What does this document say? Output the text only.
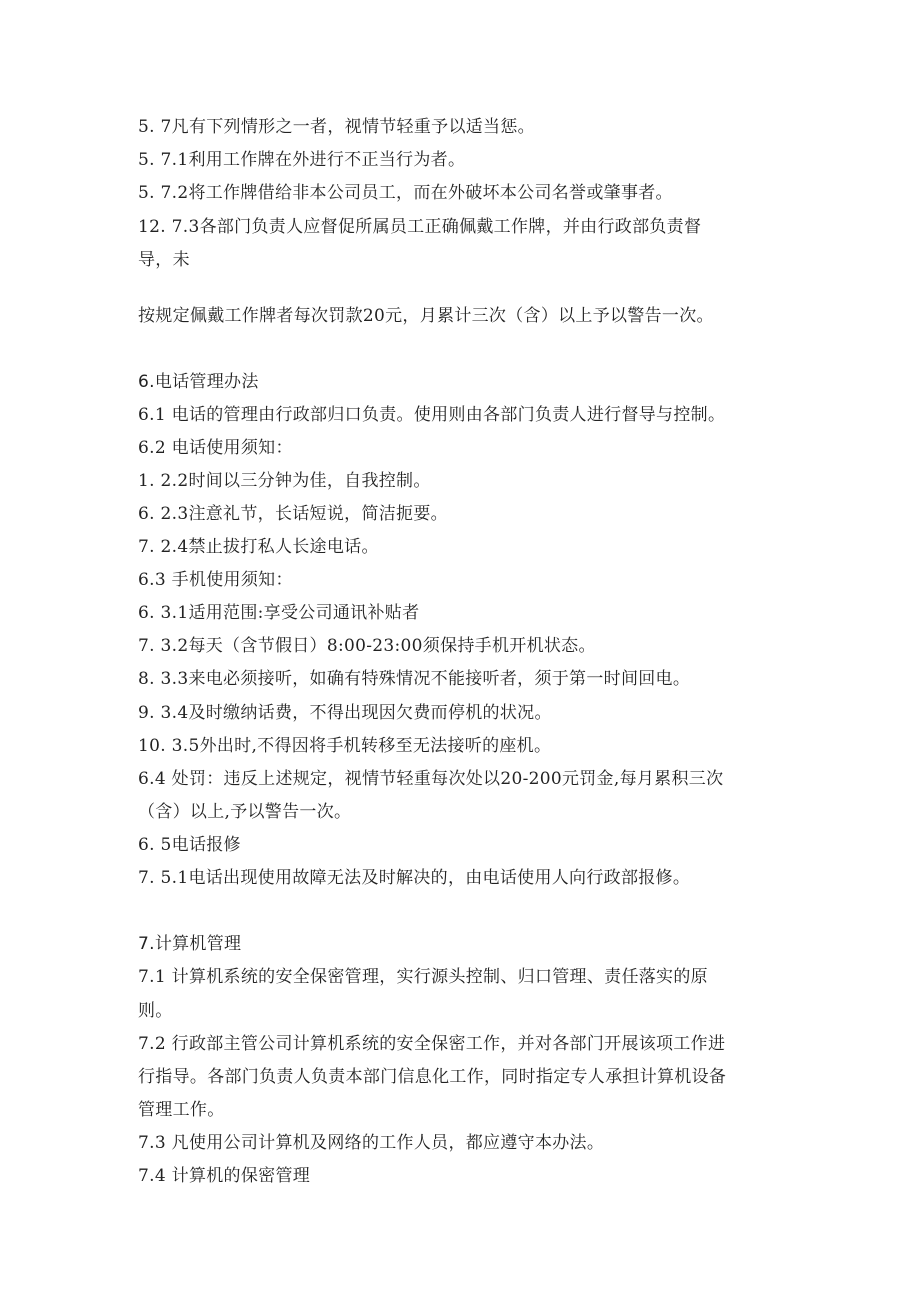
5. 7凡有下列情形之一者，视情节轻重予以适当惩。
5. 7.1利用工作牌在外进行不正当行为者。
5. 7.2将工作牌借给非本公司员工，而在外破坏本公司名誉或肇事者。
12. 7.3各部门负责人应督促所属员工正确佩戴工作牌，并由行政部负责督
导，未
按规定佩戴工作牌者每次罚款20元，月累计三次（含）以上予以警告一次。
6.电话管理办法
6.1 电话的管理由行政部归口负责。使用则由各部门负责人进行督导与控制。
6.2 电话使用须知：
1. 2.2时间以三分钟为佳，自我控制。
6. 2.3注意礼节，长话短说，简洁扼要。
7. 2.4禁止拔打私人长途电话。
6.3 手机使用须知：
6. 3.1适用范围:享受公司通讯补贴者
7. 3.2每天（含节假日）8:00-23:00须保持手机开机状态。
8. 3.3来电必须接听，如确有特殊情况不能接听者，须于第一时间回电。
9. 3.4及时缴纳话费，不得出现因欠费而停机的状况。
10. 3.5外出时,不得因将手机转移至无法接听的座机。
6.4 处罚：违反上述规定，视情节轻重每次处以20-200元罚金,每月累积三次
（含）以上,予以警告一次。
6. 5电话报修
7. 5.1电话出现使用故障无法及时解决的，由电话使用人向行政部报修。
7.计算机管理
7.1 计算机系统的安全保密管理，实行源头控制、归口管理、责任落实的原
则。
7.2 行政部主管公司计算机系统的安全保密工作，并对各部门开展该项工作进
行指导。各部门负责人负责本部门信息化工作，同时指定专人承担计算机设备
管理工作。
7.3 凡使用公司计算机及网络的工作人员，都应遵守本办法。
7.4 计算机的保密管理
